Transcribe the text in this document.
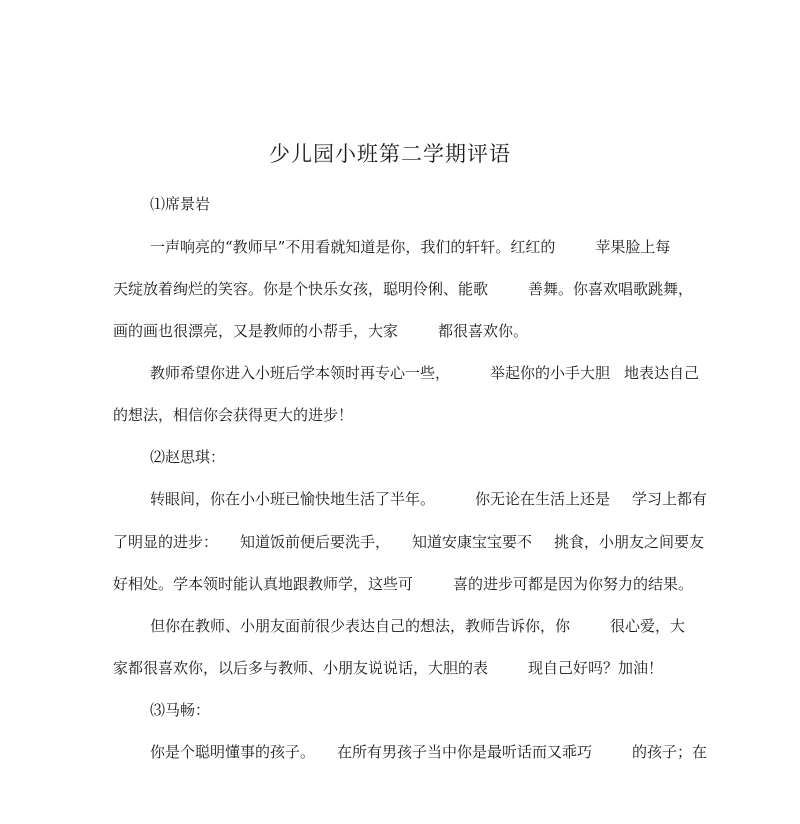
少儿园小班第二学期评语
⑴席景岩
一声响亮的“教师早”不用看就知道是你，我们的轩轩。红红的	苹果脸上每
天绽放着绚烂的笑容。你是个快乐女孩，聪明伶俐、能歌	善舞。你喜欢唱歌跳舞，
画的画也很漂亮，又是教师的小帮手，大家	都很喜欢你。
教师希望你进入小班后学本领时再专心一些，	举起你的小手大胆 地表达自己
的想法，相信你会获得更大的进步！
⑵赵思琪：
转眼间，你在小小班已愉快地生活了半年。	你无论在生活上还是 学习上都有
了明显的进步： 知道饭前便后要洗手， 知道安康宝宝要不 挑食，小朋友之间要友
好相处。学本领时能认真地跟教师学，这些可	喜的进步可都是因为你努力的结果。
但你在教师、小朋友面前很少表达自己的想法，教师告诉你，你	很心爱，大
家都很喜欢你，以后多与教师、小朋友说说话，大胆的表	现自己好吗？加油！
⑶马畅：
你是个聪明懂事的孩子。 在所有男孩子当中你是最听话而又乖巧	的孩子；在
